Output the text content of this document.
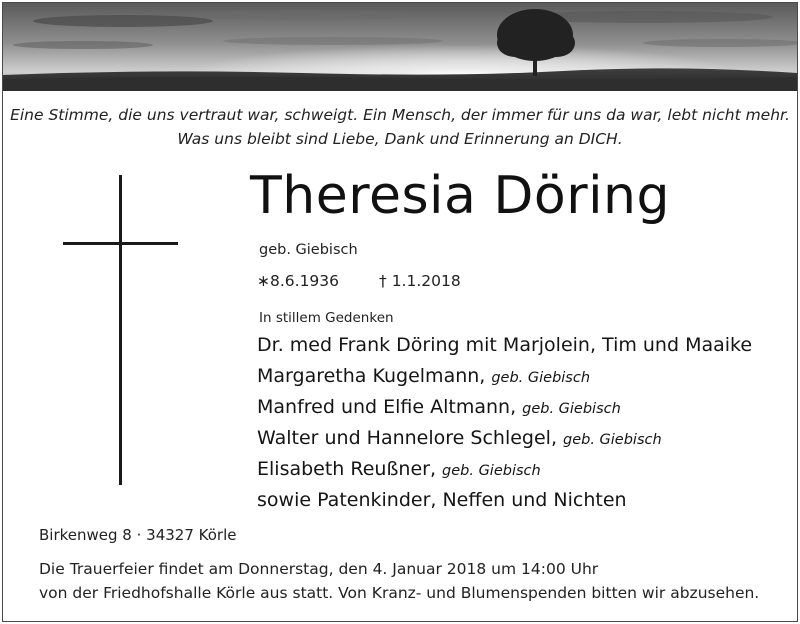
Eine Stimme, die uns vertraut war, schweigt. Ein Mensch, der immer für uns da war, lebt nicht mehr.
Was uns bleibt sind Liebe, Dank und Erinnerung an DICH.
Theresia Döring
geb. Giebisch
∗8.6.1936	† 1.1.2018
In stillem Gedenken
Dr. med Frank Döring mit Marjolein, Tim und Maaike
Margaretha Kugelmann, geb. Giebisch
Manfred und Elfie Altmann, geb. Giebisch
Walter und Hannelore Schlegel, geb. Giebisch
Elisabeth Reußner, geb. Giebisch
sowie Patenkinder, Neffen und Nichten
Birkenweg 8 · 34327 Körle
Die Trauerfeier findet am Donnerstag, den 4. Januar 2018 um 14:00 Uhr
von der Friedhofshalle Körle aus statt. Von Kranz- und Blumenspenden bitten wir abzusehen.
